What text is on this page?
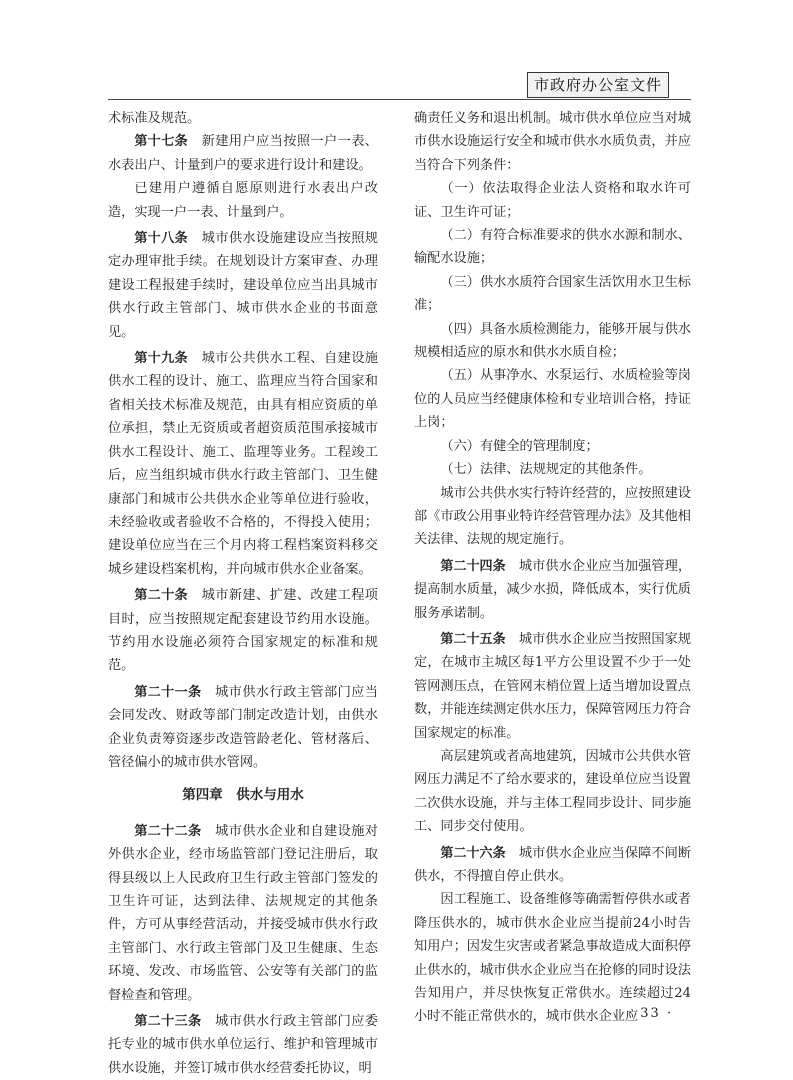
市政府办公室文件

术标准及规范。

第十七条　 新建用户应当按照一户一表、水表出户、计量到户的要求进行设计和建设。

已建用户遵循自愿原则进行水表出户改造，实现一户一表、计量到户。

第十八条　 城市供水设施建设应当按照规定办理审批手续。在规划设计方案审查、办理建设工程报建手续时，建设单位应当出具城市供水行政主管部门、城市供水企业的书面意见。

第十九条　 城市公共供水工程、自建设施供水工程的设计、施工、监理应当符合国家和省相关技术标准及规范，由具有相应资质的单位承担，禁止无资质或者超资质范围承接城市供水工程设计、施工、监理等业务。工程竣工后，应当组织城市供水行政主管部门、卫生健康部门和城市公共供水企业等单位进行验收，未经验收或者验收不合格的，不得投入使用；建设单位应当在三个月内将工程档案资料移交城乡建设档案机构，并向城市供水企业备案。

第二十条　 城市新建、扩建、改建工程项目时，应当按照规定配套建设节约用水设施。节约用水设施必须符合国家规定的标准和规范。

第二十一条　 城市供水行政主管部门应当会同发改、财政等部门制定改造计划，由供水企业负责筹资逐步改造管龄老化、管材落后、管径偏小的城市供水管网。

第四章　供水与用水

第二十二条　 城市供水企业和自建设施对外供水企业，经市场监管部门登记注册后，取得县级以上人民政府卫生行政主管部门签发的卫生许可证，达到法律、法规规定的其他条件，方可从事经营活动，并接受城市供水行政主管部门、水行政主管部门及卫生健康、生态环境、发改、市场监管、公安等有关部门的监督检查和管理。

第二十三条　 城市供水行政主管部门应委托专业的城市供水单位运行、维护和管理城市供水设施，并签订城市供水经营委托协议，明

确责任义务和退出机制。城市供水单位应当对城市供水设施运行安全和城市供水水质负责，并应当符合下列条件：

（一）依法取得企业法人资格和取水许可证、卫生许可证；

（二）有符合标准要求的供水水源和制水、输配水设施；

（三）供水水质符合国家生活饮用水卫生标准；

（四）具备水质检测能力，能够开展与供水规模相适应的原水和供水水质自检；

（五）从事净水、水泵运行、水质检验等岗位的人员应当经健康体检和专业培训合格，持证上岗；

（六）有健全的管理制度；

（七）法律、法规规定的其他条件。

城市公共供水实行特许经营的，应按照建设部《市政公用事业特许经营管理办法》及其他相关法律、法规的规定施行。

第二十四条　 城市供水企业应当加强管理，提高制水质量，减少水损，降低成本，实行优质服务承诺制。

第二十五条　 城市供水企业应当按照国家规定，在城市主城区每1平方公里设置不少于一处管网测压点，在管网末梢位置上适当增加设置点数，并能连续测定供水压力，保障管网压力符合国家规定的标准。

高层建筑或者高地建筑，因城市公共供水管网压力满足不了给水要求的，建设单位应当设置二次供水设施，并与主体工程同步设计、同步施工、同步交付使用。

第二十六条　 城市供水企业应当保障不间断供水，不得擅自停止供水。

因工程施工、设备维修等确需暂停供水或者降压供水的，城市供水企业应当提前24小时告知用户；因发生灾害或者紧急事故造成大面积停止供水的，城市供水企业应当在抢修的同时设法告知用户，并尽快恢复正常供水。连续超过24小时不能正常供水的，城市供水企业应

· 33 ·
